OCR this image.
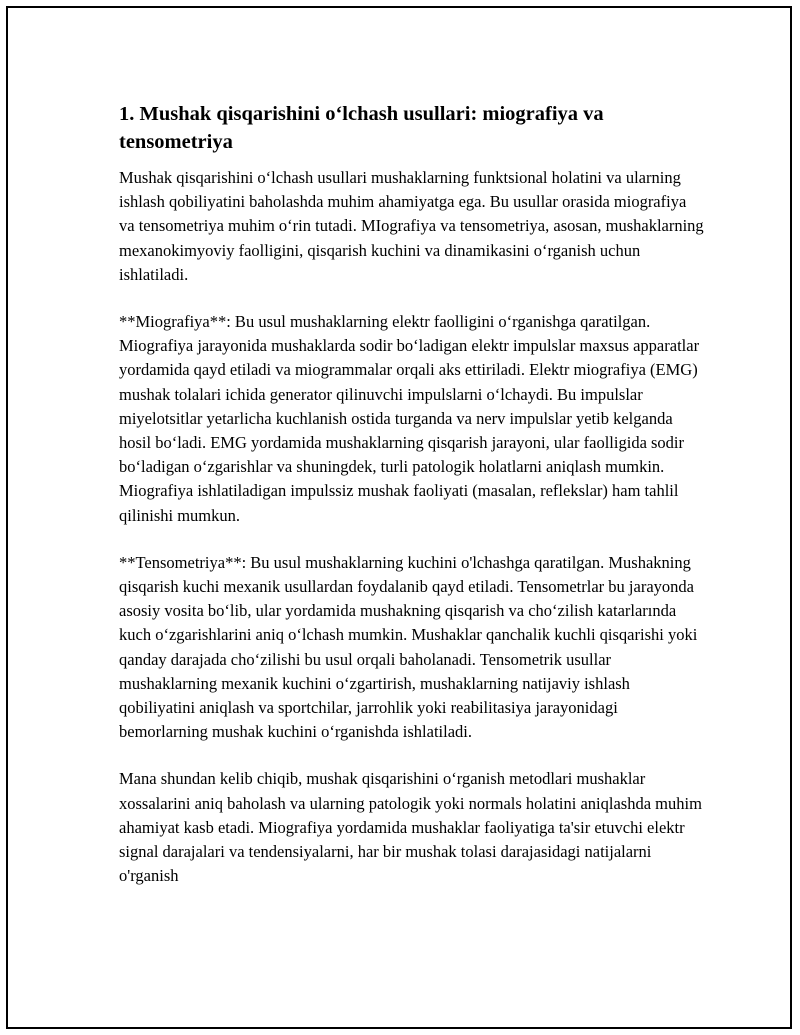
1. Mushak qisqarishini o‘lchash usullari: miografiya va tensometriya

Mushak qisqarishini o‘lchash usullari mushaklarning funktsional holatini va ularning ishlash qobiliyatini baholashda muhim ahamiyatga ega. Bu usullar orasida miografiya va tensometriya muhim o‘rin tutadi. MIografiya va tensometriya, asosan, mushaklarning mexanokimyoviy faolligini, qisqarish kuchini va dinamikasini o‘rganish uchun ishlatiladi.

**Miografiya**: Bu usul mushaklarning elektr faolligini o‘rganishga qaratilgan. Miografiya jarayonida mushaklarda sodir bo‘ladigan elektr impulslar maxsus apparatlar yordamida qayd etiladi va miogrammalar orqali aks ettiriladi. Elektr miografiya (EMG) mushak tolalari ichida generator qilinuvchi impulslarni o‘lchaydi. Bu impulslar miyelotsitlar yetarlicha kuchlanish ostida turganda va nerv impulslar yetib kelganda hosil bo‘ladi. EMG yordamida mushaklarning qisqarish jarayoni, ular faolligida sodir bo‘ladigan o‘zgarishlar va shuningdek, turli patologik holatlarni aniqlash mumkin. Miografiya ishlatiladigan impulssiz mushak faoliyati (masalan, reflekslar) ham tahlil qilinishi mumkun.

**Tensometriya**: Bu usul mushaklarning kuchini o'lchashga qaratilgan. Mushakning qisqarish kuchi mexanik usullardan foydalanib qayd etiladi. Tensometrlar bu jarayonda asosiy vosita bo‘lib, ular yordamida mushakning qisqarish va cho‘zilish katarlarında kuch o‘zgarishlarini aniq o‘lchash mumkin. Mushaklar qanchalik kuchli qisqarishi yoki qanday darajada cho‘zilishi bu usul orqali baholanadi. Tensometrik usullar mushaklarning mexanik kuchini o‘zgartirish, mushaklarning natijaviy ishlash qobiliyatini aniqlash va sportchilar, jarrohlik yoki reabilitasiya jarayonidagi bemorlarning mushak kuchini o‘rganishda ishlatiladi.

Mana shundan kelib chiqib, mushak qisqarishini o‘rganish metodlari mushaklar xossalarini aniq baholash va ularning patologik yoki normals holatini aniqlashda muhim ahamiyat kasb etadi. Miografiya yordamida mushaklar faoliyatiga ta'sir etuvchi elektr signal darajalari va tendensiyalarni, har bir mushak tolasi darajasidagi natijalarni o'rganish
